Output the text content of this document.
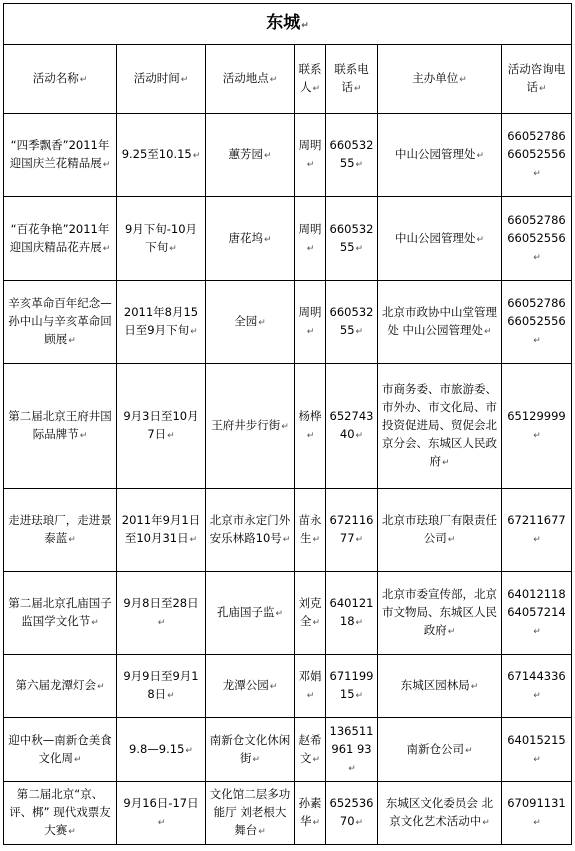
东城↵						
活动名称↵	活动时间↵	活动地点↵	联系人↵	联系电话↵	主办单位↵	活动咨询电话↵
“四季飘香”2011年迎国庆兰花精品展↵	9.25至10.15↵	蕙芳园↵	周明↵	66053255↵	中山公园管理处↵	66052786 66052556↵
“百花争艳”2011年迎国庆精品花卉展↵	9月下旬-10月下旬↵	唐花坞↵	周明↵	66053255↵	中山公园管理处↵	66052786 66052556↵
辛亥革命百年纪念—孙中山与辛亥革命回顾展↵	2011年8月15日至9月下旬↵	全园↵	周明↵	66053255↵	北京市政协中山堂管理处 中山公园管理处↵	66052786 66052556↵
第二届北京王府井国际品牌节↵	9月3日至10月7日↵	王府井步行街↵	杨桦↵	65274340↵	市商务委、市旅游委、市外办、市文化局、市投资促进局、贸促会北京分会、东城区人民政府↵	65129999↵
走进珐琅厂，走进景泰蓝↵	2011年9月1日至10月31日↵	北京市永定门外安乐林路10号↵	苗永生↵	67211677↵	北京市珐琅厂有限责任公司↵	67211677↵
第二届北京孔庙国子监国学文化节↵	9月8日至28日↵	孔庙国子监↵	刘克全↵	64012118↵	北京市委宣传部，北京市文物局、东城区人民政府↵	64012118 64057214↵
第六届龙潭灯会↵	9月9日至9月18日↵	龙潭公园↵	邓娟↵	67119915↵	东城区园林局↵	67144336↵
迎中秋—南新仓美食文化周↵	9.8—9.15↵	南新仓文化休闲街↵	赵希文↵	136511961 93↵	南新仓公司↵	64015215↵
第二届北京“京、评、梆” 现代戏票友大赛↵	9月16日-17日↵	文化馆二层多功能厅 刘老根大舞台↵	孙素华↵	65253670↵	东城区文化委员会 北京文化艺术活动中↵	67091131↵
